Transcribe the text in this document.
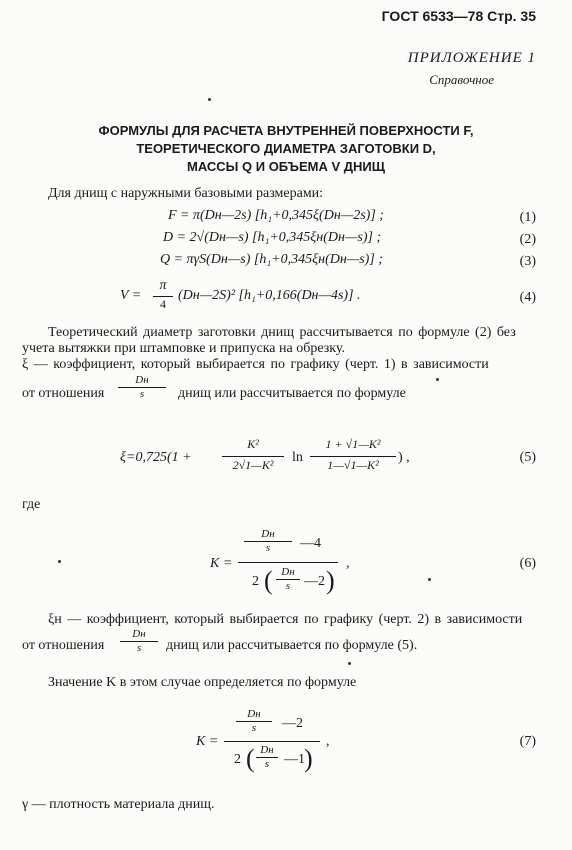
ГОСТ 6533—78 Стр. 35
ПРИЛОЖЕНИЕ 1
Справочное
ФОРМУЛЫ ДЛЯ РАСЧЕТА ВНУТРЕННЕЙ ПОВЕРХНОСТИ F,
ТЕОРЕТИЧЕСКОГО ДИАМЕТРА ЗАГОТОВКИ D,
МАССЫ Q И ОБЪЕМА V ДНИЩ
Для днищ с наружными базовыми размерами:
F = π(Dн—2s) [h₁+0,345ξ(Dн—2s)] ;	(1)
D = 2√(Dн—s) [h₁+0,345ξн(Dн—s)] ;	(2)
Q = πγS(Dн—s) [h₁+0,345ξн(Dн—s)] ;	(3)
V =
π
4
(Dн—2S)² [h₁+0,166(Dн—4s)] .	(4)
Теоретический диаметр заготовки днищ рассчитывается по формуле (2) без
учета вытяжки при штамповке и припуска на обрезку.
ξ — коэффициент, который выбирается по графику (черт. 1) в зависимости
от отношения $\frac{Dн}{s}$ днищ или рассчитывается по формуле
ξ=0,725(1 +
K²
2√1—K²	ln
1 + √1—K²
1—√1—K²	) ,	(5)
где
K =
$\frac{Dн}{s}$ —4
2 ( $\frac{Dн}{s}$ —2 )
,	(6)
ξн — коэффициент, который выбирается по графику (черт. 2) в зависимости
от отношения $\frac{Dн}{s}$ днищ или рассчитывается по формуле (5).
Значение K в этом случае определяется по формуле
K =
$\frac{Dн}{s}$ —2
2 ( $\frac{Dн}{s}$ —1 )
,	(7)
γ — плотность материала днищ.
